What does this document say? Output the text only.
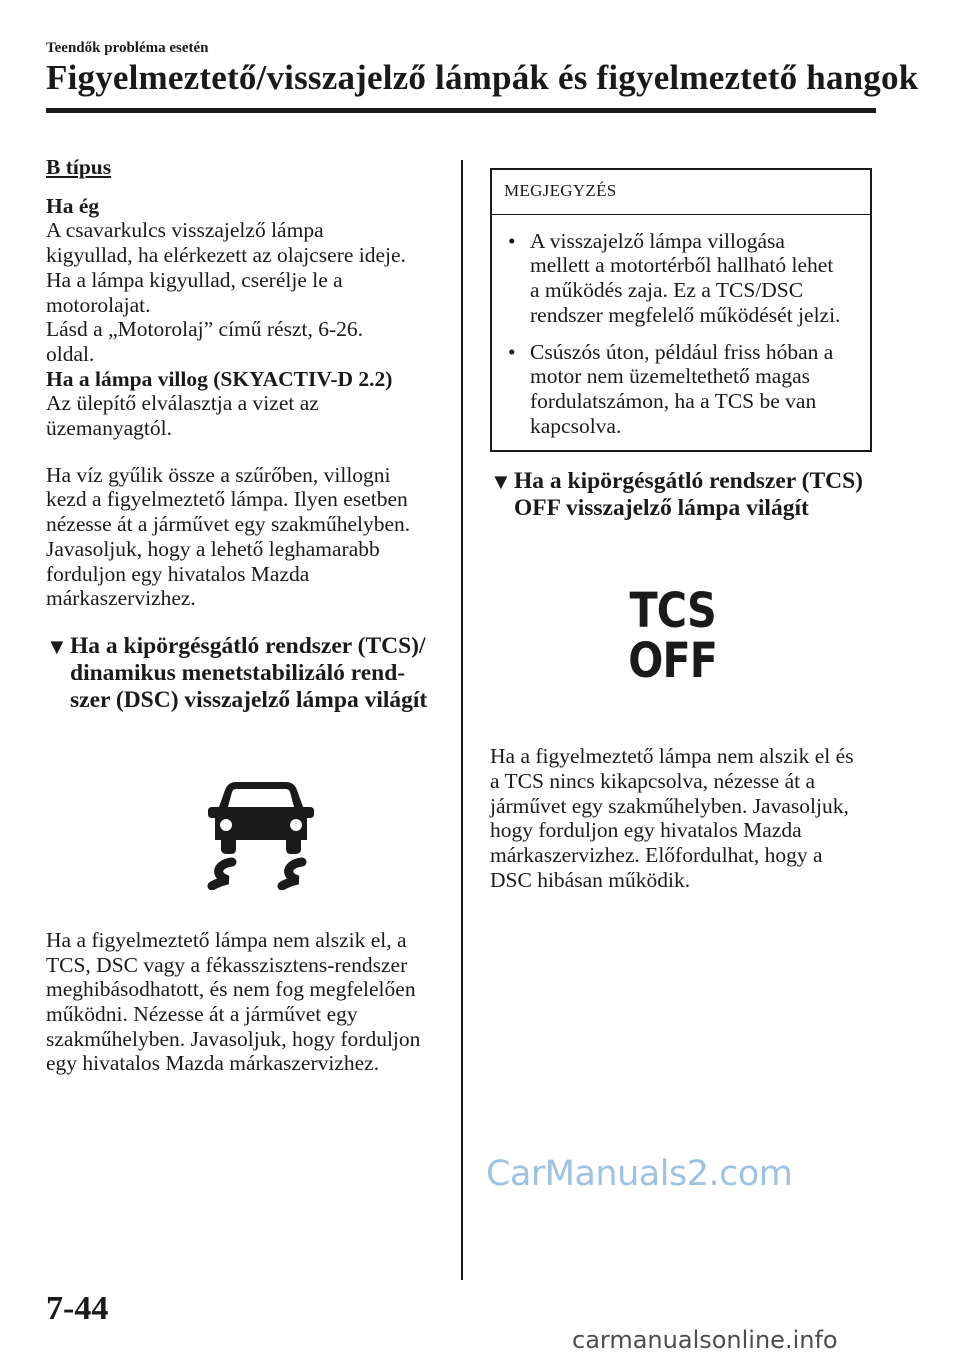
Teendők probléma esetén
Figyelmeztető/visszajelző lámpák és figyelmeztető hangok

B típus

Ha ég

A csavarkulcs visszajelző lámpa

kigyullad, ha elérkezett az olajcsere ideje.

Ha a lámpa kigyullad, cserélje le a

motorolajat.

Lásd a „Motorolaj” című részt, 6-26.

oldal.

Ha a lámpa villog (SKYACTIV-D 2.2)

Az ülepítő elválasztja a vizet az

üzemanyagtól.

Ha víz gyűlik össze a szűrőben, villogni

kezd a figyelmeztető lámpa. Ilyen esetben

nézesse át a járművet egy szakműhelyben.

Javasoljuk, hogy a lehető leghamarabb

forduljon egy hivatalos Mazda

márkaszervizhez.

▼ Ha a kipörgésgátló rendszer (TCS)/
dinamikus menetstabilizáló rend-
szer (DSC) visszajelző lámpa világít

Ha a figyelmeztető lámpa nem alszik el, a

TCS, DSC vagy a fékasszisztens-rendszer

meghibásodhatott, és nem fog megfelelően

működni. Nézesse át a járművet egy

szakműhelyben. Javasoljuk, hogy forduljon

egy hivatalos Mazda márkaszervizhez.

MEGJEGYZÉS
• A visszajelző lámpa villogása
mellett a motortérből hallható lehet
a működés zaja. Ez a TCS/DSC
rendszer megfelelő működését jelzi.
• Csúszós úton, például friss hóban a
motor nem üzemeltethető magas
fordulatszámon, ha a TCS be van
kapcsolva.
▼ Ha a kipörgésgátló rendszer (TCS)
OFF visszajelző lámpa világít
TCS
OFF

Ha a figyelmeztető lámpa nem alszik el és

a TCS nincs kikapcsolva, nézesse át a

járművet egy szakműhelyben. Javasoljuk,

hogy forduljon egy hivatalos Mazda

márkaszervizhez. Előfordulhat, hogy a

DSC hibásan működik.

CarManuals2.com
7-44
carmanualsonline.info
